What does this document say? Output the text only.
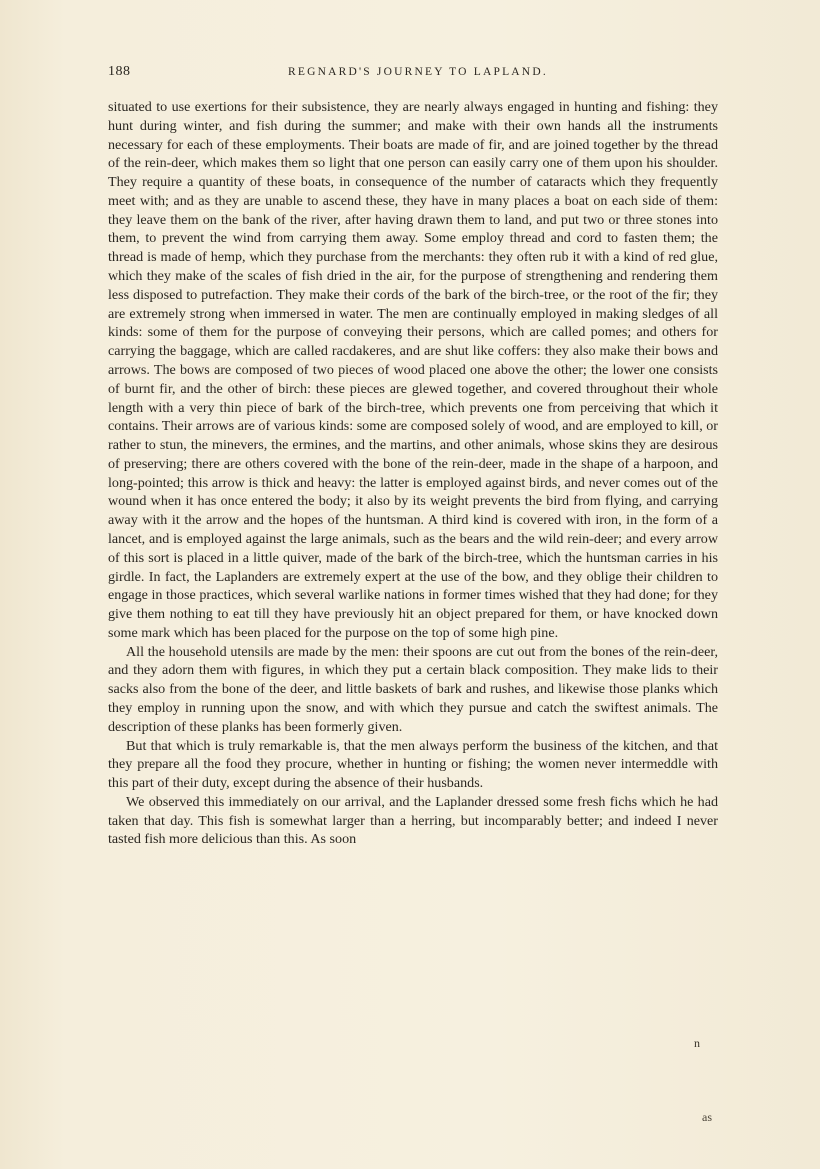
188	REGNARD'S JOURNEY TO LAPLAND.

situated to use exertions for their subsistence, they are nearly always engaged in hunting and fishing: they hunt during winter, and fish during the summer; and make with their own hands all the instruments necessary for each of these employments. Their boats are made of fir, and are joined together by the thread of the rein-deer, which makes them so light that one person can easily carry one of them upon his shoulder. They require a quantity of these boats, in consequence of the number of cataracts which they frequently meet with; and as they are unable to ascend these, they have in many places a boat on each side of them: they leave them on the bank of the river, after having drawn them to land, and put two or three stones into them, to prevent the wind from carrying them away. Some employ thread and cord to fasten them; the thread is made of hemp, which they purchase from the merchants: they often rub it with a kind of red glue, which they make of the scales of fish dried in the air, for the purpose of strengthening and rendering them less disposed to putrefaction. They make their cords of the bark of the birch-tree, or the root of the fir; they are extremely strong when immersed in water. The men are continually employed in making sledges of all kinds: some of them for the purpose of conveying their persons, which are called pomes; and others for carrying the baggage, which are called racdakeres, and are shut like coffers: they also make their bows and arrows. The bows are composed of two pieces of wood placed one above the other; the lower one consists of burnt fir, and the other of birch: these pieces are glewed together, and covered throughout their whole length with a very thin piece of bark of the birch-tree, which prevents one from perceiving that which it contains. Their arrows are of various kinds: some are composed solely of wood, and are employed to kill, or rather to stun, the minevers, the ermines, and the martins, and other animals, whose skins they are desirous of preserving; there are others covered with the bone of the rein-deer, made in the shape of a harpoon, and long-pointed; this arrow is thick and heavy: the latter is employed against birds, and never comes out of the wound when it has once entered the body; it also by its weight prevents the bird from flying, and carrying away with it the arrow and the hopes of the huntsman. A third kind is covered with iron, in the form of a lancet, and is employed against the large animals, such as the bears and the wild rein-deer; and every arrow of this sort is placed in a little quiver, made of the bark of the birch-tree, which the huntsman carries in his girdle. In fact, the Laplanders are extremely expert at the use of the bow, and they oblige their children to engage in those practices, which several warlike nations in former times wished that they had done; for they give them nothing to eat till they have previously hit an object prepared for them, or have knocked down some mark which has been placed for the purpose on the top of some high pine.

All the household utensils are made by the men: their spoons are cut out from the bones of the rein-deer, and they adorn them with figures, in which they put a certain black composition. They make lids to their sacks also from the bone of the deer, and little baskets of bark and rushes, and likewise those planks which they employ in running upon the snow, and with which they pursue and catch the swiftest animals. The description of these planks has been formerly given.

But that which is truly remarkable is, that the men always perform the business of the kitchen, and that they prepare all the food they procure, whether in hunting or fishing; the women never intermeddle with this part of their duty, except during the absence of their husbands.

We observed this immediately on our arrival, and the Laplander dressed some fresh fichs which he had taken that day. This fish is somewhat larger than a herring, but incomparably better; and indeed I never tasted fish more delicious than this. As soon

n
as
